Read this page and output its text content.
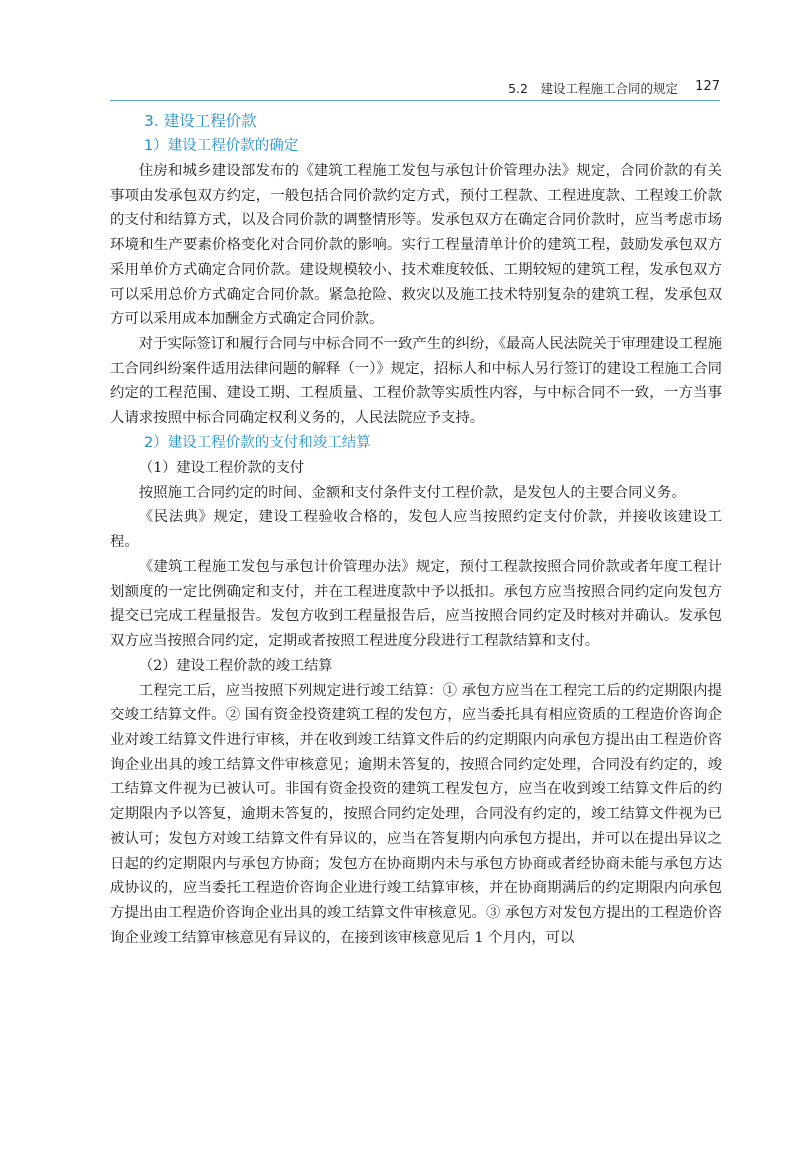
5.2　建设工程施工合同的规定 127
3. 建设工程价款
1）建设工程价款的确定

住房和城乡建设部发布的《建筑工程施工发包与承包计价管理办法》规定，合同价款的有关事项由发承包双方约定，一般包括合同价款约定方式，预付工程款、工程进度款、工程竣工价款的支付和结算方式，以及合同价款的调整情形等。发承包双方在确定合同价款时，应当考虑市场环境和生产要素价格变化对合同价款的影响。实行工程量清单计价的建筑工程，鼓励发承包双方采用单价方式确定合同价款。建设规模较小、技术难度较低、工期较短的建筑工程，发承包双方可以采用总价方式确定合同价款。紧急抢险、救灾以及施工技术特别复杂的建筑工程，发承包双方可以采用成本加酬金方式确定合同价款。

对于实际签订和履行合同与中标合同不一致产生的纠纷，《最高人民法院关于审理建设工程施工合同纠纷案件适用法律问题的解释（一）》规定，招标人和中标人另行签订的建设工程施工合同约定的工程范围、建设工期、工程质量、工程价款等实质性内容，与中标合同不一致，一方当事人请求按照中标合同确定权利义务的，人民法院应予支持。

2）建设工程价款的支付和竣工结算
（1）建设工程价款的支付

按照施工合同约定的时间、金额和支付条件支付工程价款，是发包人的主要合同义务。

《民法典》规定，建设工程验收合格的，发包人应当按照约定支付价款，并接收该建设工程。

《建筑工程施工发包与承包计价管理办法》规定，预付工程款按照合同价款或者年度工程计划额度的一定比例确定和支付，并在工程进度款中予以抵扣。承包方应当按照合同约定向发包方提交已完成工程量报告。发包方收到工程量报告后，应当按照合同约定及时核对并确认。发承包双方应当按照合同约定，定期或者按照工程进度分段进行工程款结算和支付。

（2）建设工程价款的竣工结算

工程完工后，应当按照下列规定进行竣工结算：① 承包方应当在工程完工后的约定期限内提交竣工结算文件。② 国有资金投资建筑工程的发包方，应当委托具有相应资质的工程造价咨询企业对竣工结算文件进行审核，并在收到竣工结算文件后的约定期限内向承包方提出由工程造价咨询企业出具的竣工结算文件审核意见；逾期未答复的，按照合同约定处理，合同没有约定的，竣工结算文件视为已被认可。非国有资金投资的建筑工程发包方，应当在收到竣工结算文件后的约定期限内予以答复，逾期未答复的，按照合同约定处理，合同没有约定的，竣工结算文件视为已被认可；发包方对竣工结算文件有异议的，应当在答复期内向承包方提出，并可以在提出异议之日起的约定期限内与承包方协商；发包方在协商期内未与承包方协商或者经协商未能与承包方达成协议的，应当委托工程造价咨询企业进行竣工结算审核，并在协商期满后的约定期限内向承包方提出由工程造价咨询企业出具的竣工结算文件审核意见。③ 承包方对发包方提出的工程造价咨询企业竣工结算审核意见有异议的，在接到该审核意见后 1 个月内，可以
